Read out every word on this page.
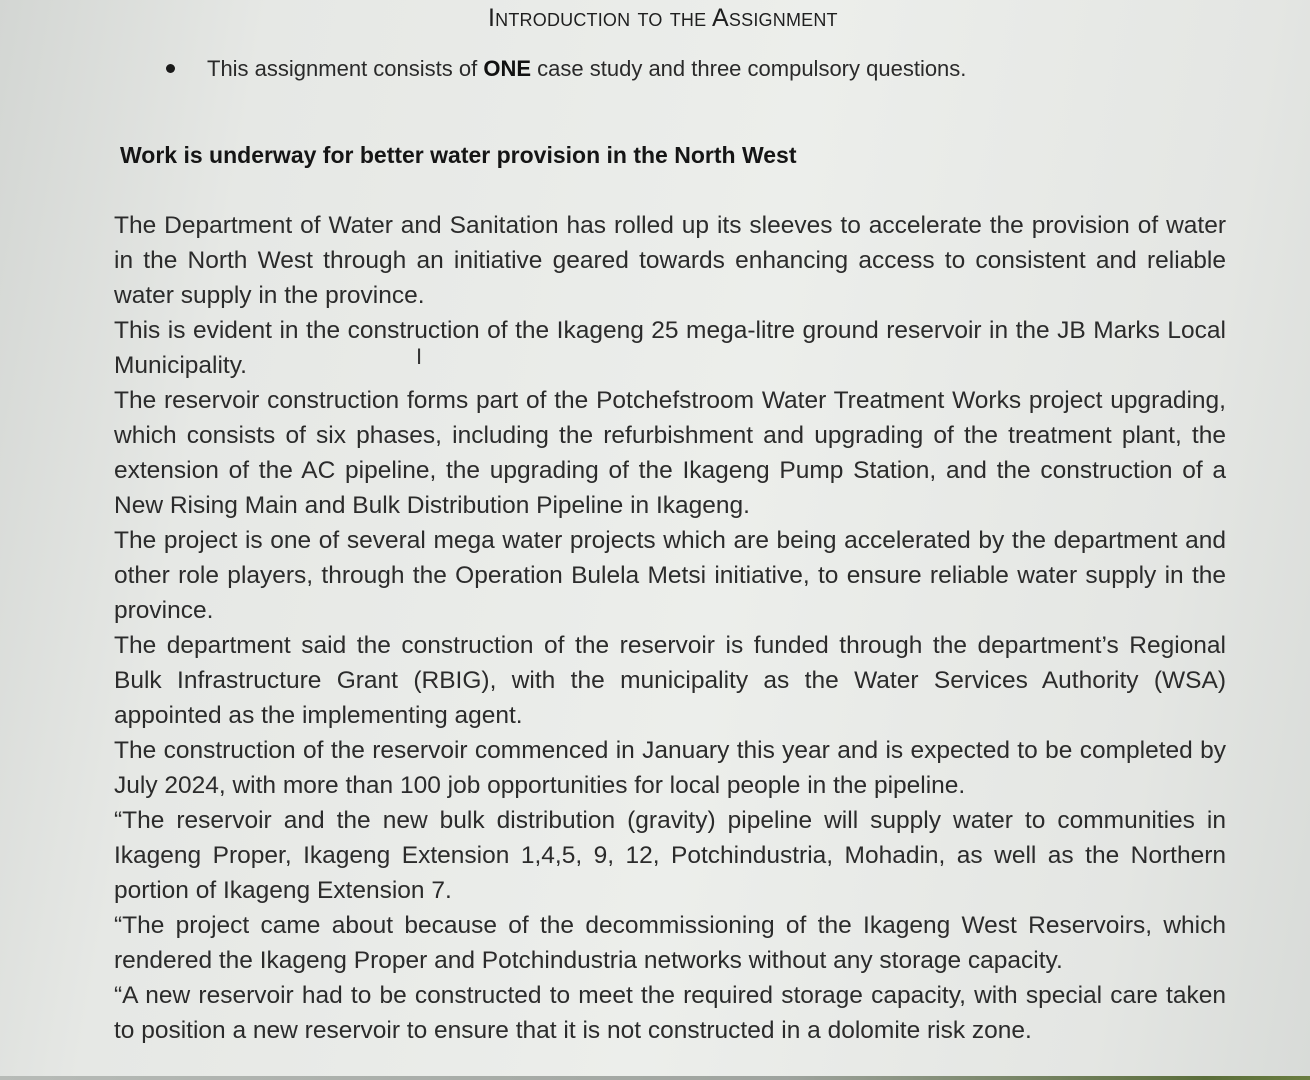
Introduction to the Assignment
This assignment consists of ONE case study and three compulsory questions.
Work is underway for better water provision in the North West

The Department of Water and Sanitation has rolled up its sleeves to accelerate the provision of water in the North West through an initiative geared towards enhancing access to consistent and reliable water supply in the province.

This is evident in the construction of the Ikageng 25 mega-litre ground reservoir in the JB Marks Local Municipality.

The reservoir construction forms part of the Potchefstroom Water Treatment Works project upgrading, which consists of six phases, including the refurbishment and upgrading of the treatment plant, the extension of the AC pipeline, the upgrading of the Ikageng Pump Station, and the construction of a New Rising Main and Bulk Distribution Pipeline in Ikageng.

The project is one of several mega water projects which are being accelerated by the department and other role players, through the Operation Bulela Metsi initiative, to ensure reliable water supply in the province.

The department said the construction of the reservoir is funded through the department’s Regional Bulk Infrastructure Grant (RBIG), with the municipality as the Water Services Authority (WSA) appointed as the implementing agent.

The construction of the reservoir commenced in January this year and is expected to be completed by July 2024, with more than 100 job opportunities for local people in the pipeline.

“The reservoir and the new bulk distribution (gravity) pipeline will supply water to communities in Ikageng Proper, Ikageng Extension 1,4,5, 9, 12, Potchindustria, Mohadin, as well as the Northern portion of Ikageng Extension 7.

“The project came about because of the decommissioning of the Ikageng West Reservoirs, which rendered the Ikageng Proper and Potchindustria networks without any storage capacity.

“A new reservoir had to be constructed to meet the required storage capacity, with special care taken to position a new reservoir to ensure that it is not constructed in a dolomite risk zone.

I
